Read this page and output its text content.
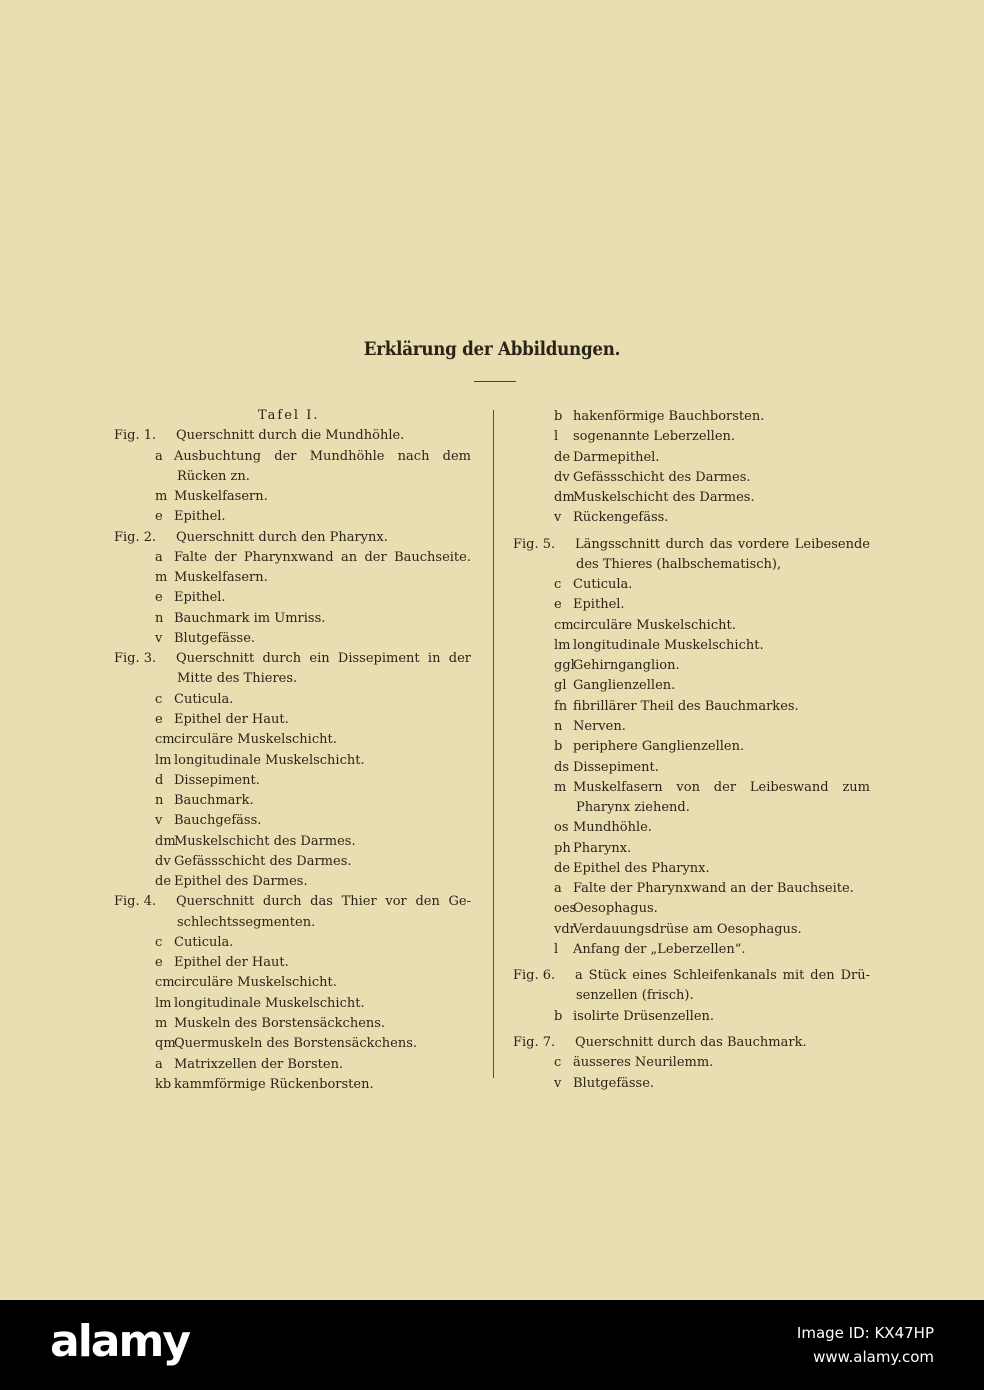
Erklärung der Abbildungen.
Tafel I.
Fig. 1. Querschnitt durch die Mundhöhle.
a Ausbuchtung der Mundhöhle nach dem
Rücken zn.
m Muskelfasern.
e Epithel.
Fig. 2. Querschnitt durch den Pharynx.
a Falte der Pharynxwand an der Bauchseite.
m Muskelfasern.
e Epithel.
n Bauchmark im Umriss.
v Blutgefässe.
Fig. 3. Querschnitt durch ein Dissepiment in der
Mitte des Thieres.
c Cuticula.
e Epithel der Haut.
cm circuläre Muskelschicht.
lm longitudinale Muskelschicht.
d Dissepiment.
n Bauchmark.
v Bauchgefäss.
dm
Muskelschicht des Darmes.
dv Gefässschicht des Darmes.
de Epithel des Darmes.
Fig. 4. Querschnitt durch das Thier vor den Ge-
schlechtssegmenten.
c Cuticula.
e Epithel der Haut.
cm circuläre Muskelschicht.
lm longitudinale Muskelschicht.
m Muskeln des Borstensäckchens.
qm
Quermuskeln des Borstensäckchens.
a Matrixzellen der Borsten.
kb kammförmige Rückenborsten.
b hakenförmige Bauchborsten.
l sogenannte Leberzellen.
de Darmepithel.
dv Gefässschicht des Darmes.
dm
Muskelschicht des Darmes.
v Rückengefäss.
Fig. 5. Längsschnitt durch das vordere Leibesende
des Thieres (halbschematisch),
c Cuticula.
e Epithel.
cm circuläre Muskelschicht.
lm longitudinale Muskelschicht.
ggl
Gehirnganglion.
gl Ganglienzellen.
fn fibrillärer Theil des Bauchmarkes.
n Nerven.
b periphere Ganglienzellen.
ds Dissepiment.
m Muskelfasern von der Leibeswand zum
Pharynx ziehend.
os Mundhöhle.
ph Pharynx.
de Epithel des Pharynx.
a Falte der Pharynxwand an der Bauchseite.
oes
Oesophagus.
vdr
Verdauungsdrüse am Oesophagus.
l Anfang der „Leberzellen“.
Fig. 6. a Stück eines Schleifenkanals mit den Drü-
senzellen (frisch).
b isolirte Drüsenzellen.
Fig. 7. Querschnitt durch das Bauchmark.
c äusseres Neurilemm.
v Blutgefässe.
alamy	Image ID: KX47HP
www.alamy.com
